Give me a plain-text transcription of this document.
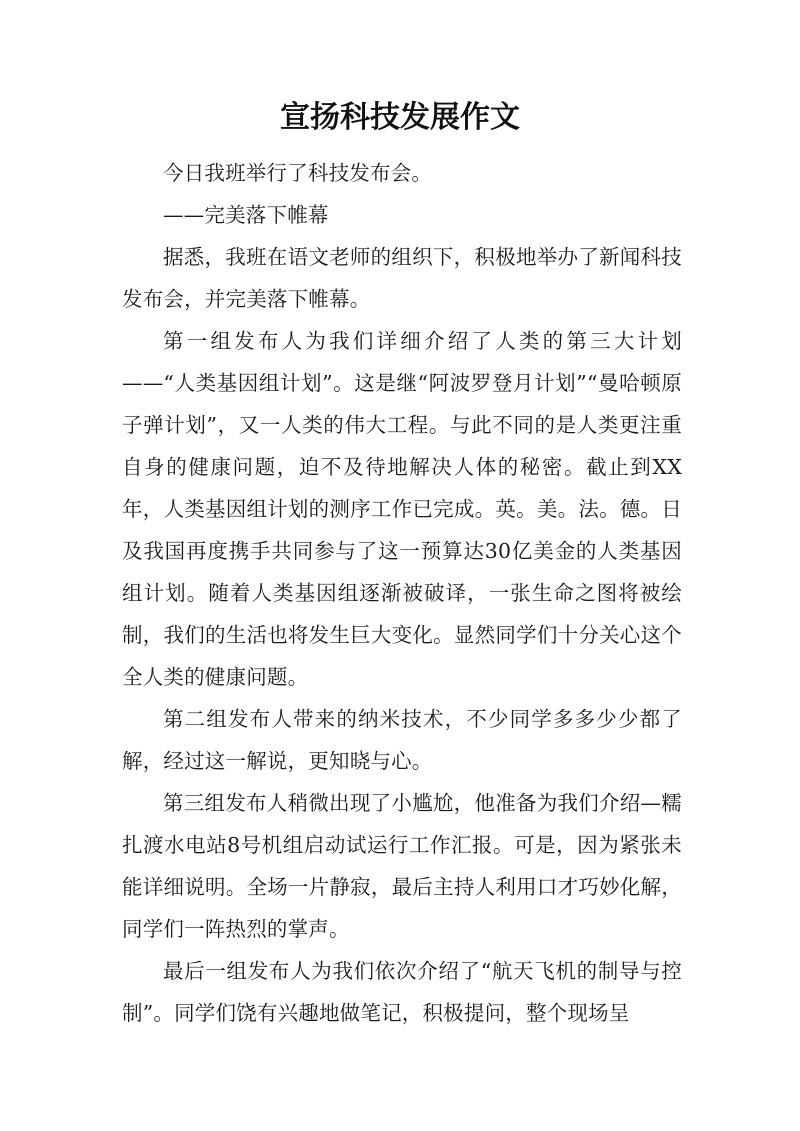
宣扬科技发展作文

今日我班举行了科技发布会。

——完美落下帷幕

据悉，我班在语文老师的组织下，积极地举办了新闻科技发布会，并完美落下帷幕。

第一组发布人为我们详细介绍了人类的第三大计划——“人类基因组计划”。这是继“阿波罗登月计划”“曼哈顿原子弹计划”，又一人类的伟大工程。与此不同的是人类更注重自身的健康问题，迫不及待地解决人体的秘密。截止到XX年，人类基因组计划的测序工作已完成。英。美。法。德。日及我国再度携手共同参与了这一预算达30亿美金的人类基因组计划。随着人类基因组逐渐被破译，一张生命之图将被绘制，我们的生活也将发生巨大变化。显然同学们十分关心这个全人类的健康问题。

第二组发布人带来的纳米技术，不少同学多多少少都了解，经过这一解说，更知晓与心。

第三组发布人稍微出现了小尴尬，他准备为我们介绍—糯扎渡水电站8号机组启动试运行工作汇报。可是，因为紧张未能详细说明。全场一片静寂，最后主持人利用口才巧妙化解，同学们一阵热烈的掌声。

最后一组发布人为我们依次介绍了“航天飞机的制导与控制”。同学们饶有兴趣地做笔记，积极提问，整个现场呈
